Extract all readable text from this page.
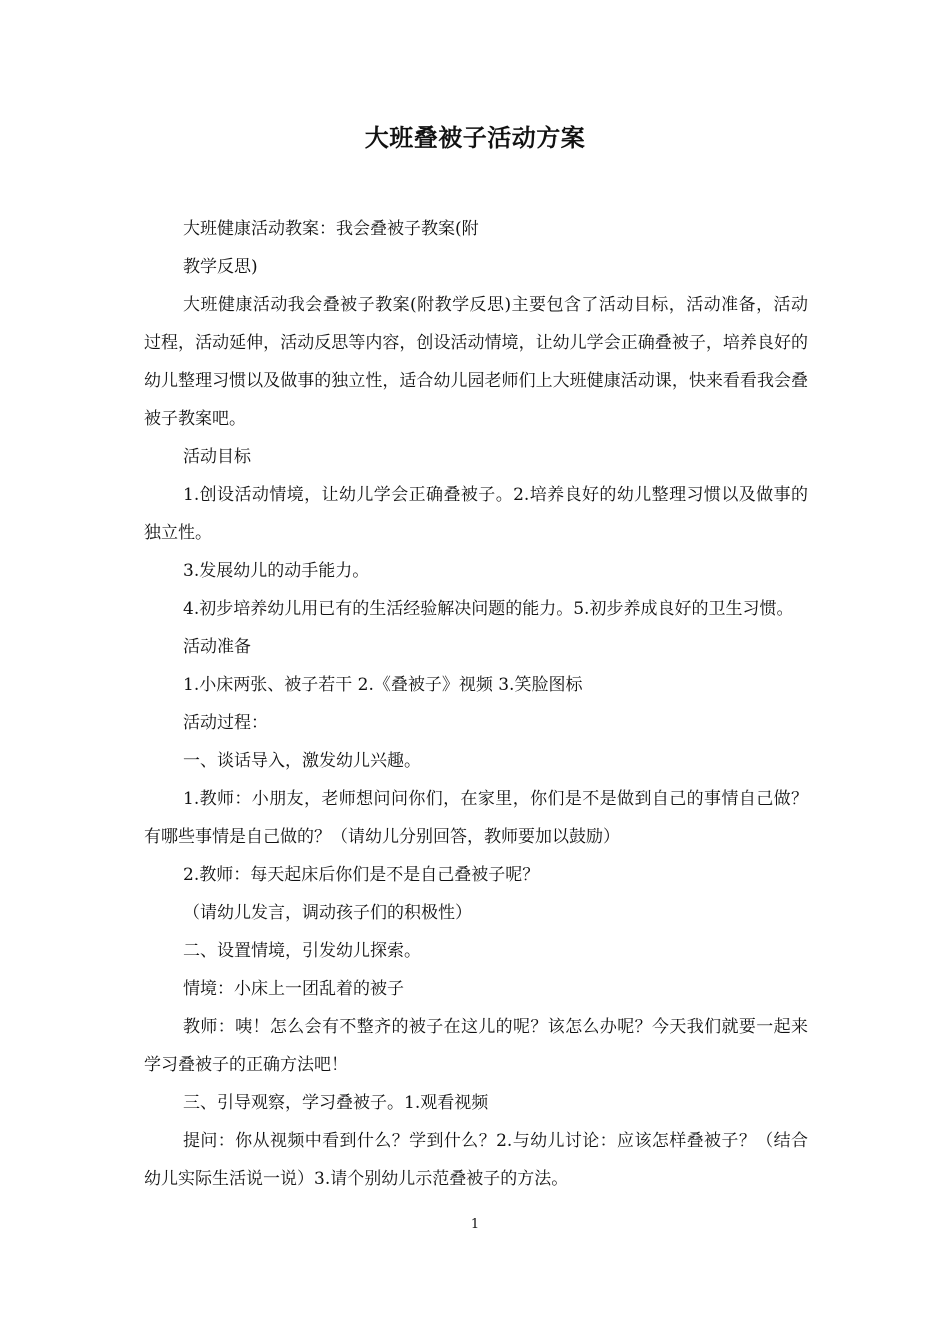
大班叠被子活动方案

大班健康活动教案：我会叠被子教案(附

教学反思)

大班健康活动我会叠被子教案(附教学反思)主要包含了活动目标，活动准备，活动过程，活动延伸，活动反思等内容，创设活动情境，让幼儿学会正确叠被子，培养良好的幼儿整理习惯以及做事的独立性，适合幼儿园老师们上大班健康活动课，快来看看我会叠被子教案吧。

活动目标

1.创设活动情境，让幼儿学会正确叠被子。2.培养良好的幼儿整理习惯以及做事的独立性。

3.发展幼儿的动手能力。

4.初步培养幼儿用已有的生活经验解决问题的能力。5.初步养成良好的卫生习惯。

活动准备

1.小床两张、被子若干 2.《叠被子》视频 3.笑脸图标

活动过程：

一、谈话导入，激发幼儿兴趣。

1.教师：小朋友，老师想问问你们，在家里，你们是不是做到自己的事情自己做？有哪些事情是自己做的？（请幼儿分别回答，教师要加以鼓励）

2.教师：每天起床后你们是不是自己叠被子呢？

（请幼儿发言，调动孩子们的积极性）

二、设置情境，引发幼儿探索。

情境：小床上一团乱着的被子

教师：咦！怎么会有不整齐的被子在这儿的呢？该怎么办呢？今天我们就要一起来学习叠被子的正确方法吧！

三、引导观察，学习叠被子。1.观看视频

提问：你从视频中看到什么？学到什么？2.与幼儿讨论：应该怎样叠被子？（结合幼儿实际生活说一说）3.请个别幼儿示范叠被子的方法。

1
